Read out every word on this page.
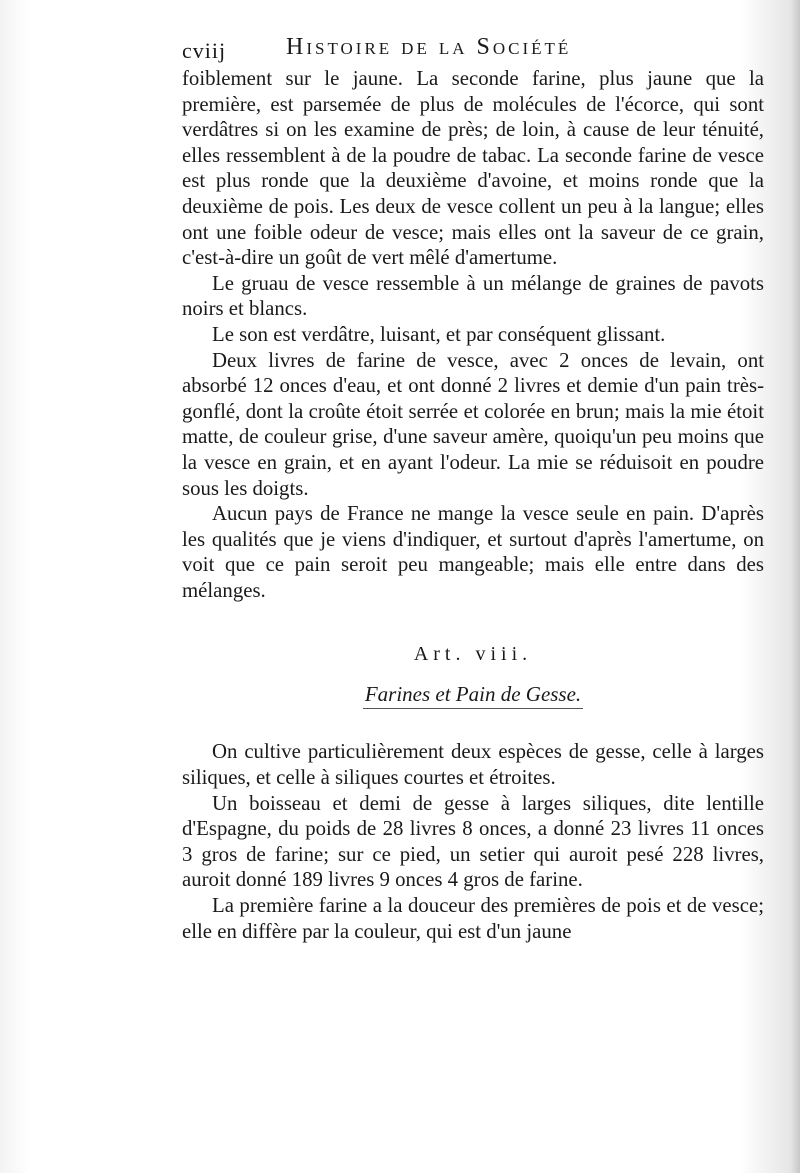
cviij Histoire de la Société

foiblement sur le jaune. La seconde farine, plus jaune que la première, est parsemée de plus de molécules de l'écorce, qui sont verdâtres si on les examine de près; de loin, à cause de leur ténuité, elles ressemblent à de la poudre de tabac. La seconde farine de vesce est plus ronde que la deuxième d'avoine, et moins ronde que la deuxième de pois. Les deux de vesce collent un peu à la langue; elles ont une foible odeur de vesce; mais elles ont la saveur de ce grain, c'est-à-dire un goût de vert mêlé d'amertume.

Le gruau de vesce ressemble à un mélange de graines de pavots noirs et blancs.

Le son est verdâtre, luisant, et par conséquent glissant.

Deux livres de farine de vesce, avec 2 onces de levain, ont absorbé 12 onces d'eau, et ont donné 2 livres et demie d'un pain très-gonflé, dont la croûte étoit serrée et colorée en brun; mais la mie étoit matte, de couleur grise, d'une saveur amère, quoiqu'un peu moins que la vesce en grain, et en ayant l'odeur. La mie se réduisoit en poudre sous les doigts.

Aucun pays de France ne mange la vesce seule en pain. D'après les qualités que je viens d'indiquer, et surtout d'après l'amertume, on voit que ce pain seroit peu mangeable; mais elle entre dans des mélanges.

Art. viii.
Farines et Pain de Gesse.

On cultive particulièrement deux espèces de gesse, celle à larges siliques, et celle à siliques courtes et étroites.

Un boisseau et demi de gesse à larges siliques, dite lentille d'Espagne, du poids de 28 livres 8 onces, a donné 23 livres 11 onces 3 gros de farine; sur ce pied, un setier qui auroit pesé 228 livres, auroit donné 189 livres 9 onces 4 gros de farine.

La première farine a la douceur des premières de pois et de vesce; elle en diffère par la couleur, qui est d'un jaune
